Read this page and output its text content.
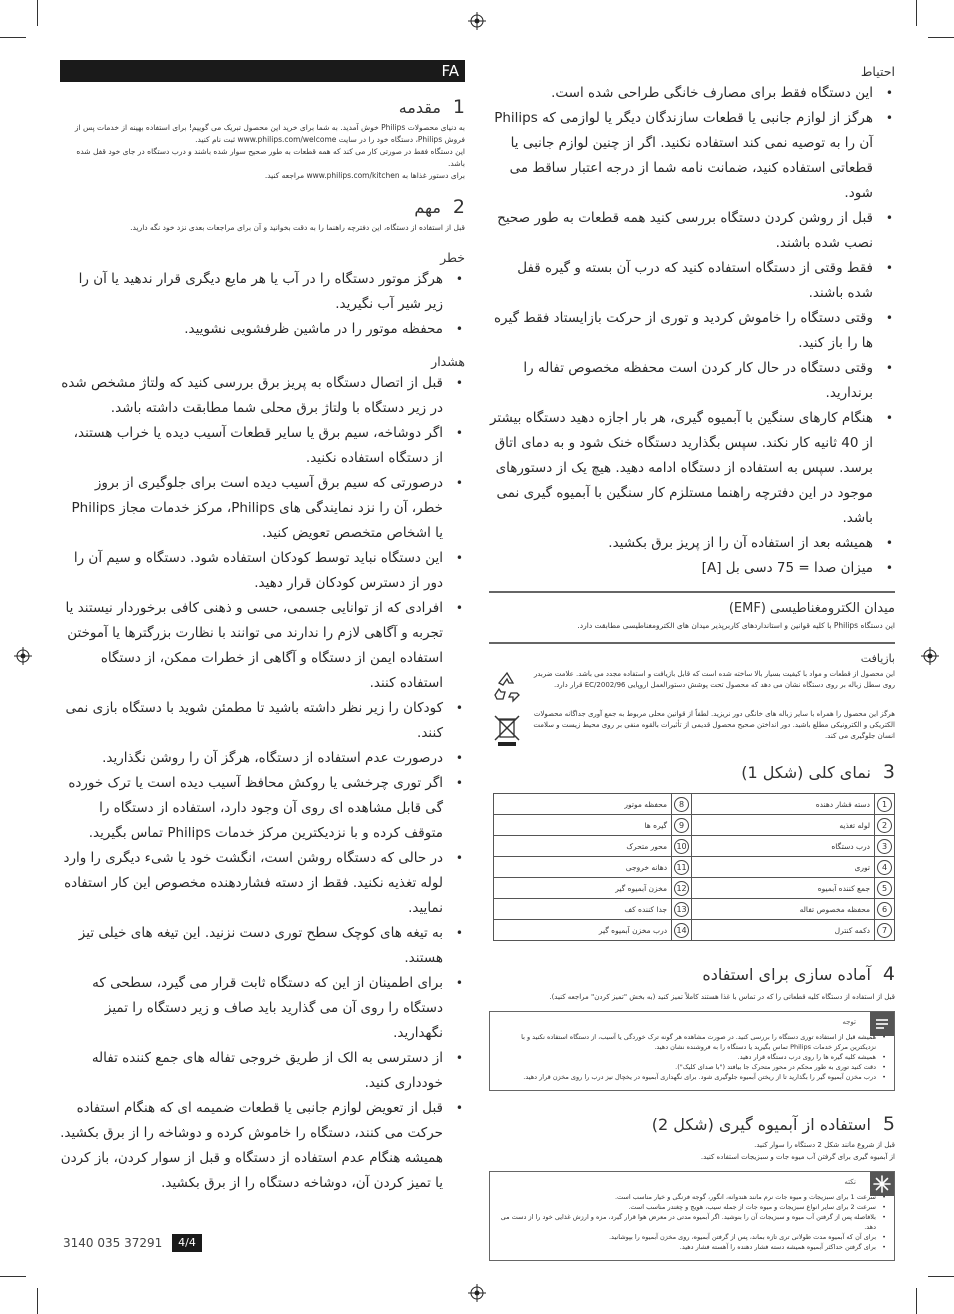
FA
1
مقدمه

به دنیای محصولات Philips خوش آمدید. به شما برای خرید این محصول تبریک می گوییم! برای استفاده بهینه از خدمات پس از فروش Philips، دستگاه خود را در سایت www.philips.com/welcome ثبت نام کنید.

این دستگاه فقط در صورتی کار می کند که همه قطعات به طور صحیح سوار شده باشند و درب دستگاه در جای خود قفل شده باشد.

برای دستور غذاها به www.philips.com/kitchen مراجعه کنید.

2
مهم

قبل از استفاده از دستگاه، این دفترچه راهنما را به دقت بخوانید و آن برای مراجعات بعدی نزد خود نگه دارید.

خطر
• هرگز موتور دستگاه را در آب یا هر مایع دیگری قرار ندهید یا آن را زیر شیر آب نگیرید.
• محفظه موتور را در ماشین ظرفشویی نشویید.
هشدار
• قبل از اتصال دستگاه به پریز برق بررسی کنید که ولتاژ مشخص شده در زیر دستگاه با ولتاژ برق محلی شما مطابقت داشته باشد.
• اگر دوشاخه، سیم برق یا سایر قطعات آسیب دیده یا خراب هستند، از دستگاه استفاده نکنید.
• درصورتی که سیم برق آسیب دیده است برای جلوگیری از بروز خطر، آن را نزد نمایندگی های Philips، مرکز خدمات مجاز Philips یا اشخاص متخصص تعویض کنید.
• این دستگاه نباید توسط کودکان استفاده شود. دستگاه و سیم آن را دور از دسترس کودکان قرار دهید.
• افرادی که از توانایی جسمی، حسی و ذهنی کافی برخوردار نیستند یا تجربه و آگاهی لازم را ندارند می توانند با نظارت بزرگترها یا آموختن استفاده ایمن از دستگاه و آگاهی از خطرات ممکن، از دستگاه استفاده کنند.
• کودکان را زیر نظر داشته باشید تا مطمئن شوید با دستگاه بازی نمی کنند.
• درصورت عدم استفاده از دستگاه، هرگز آن را روشن نگذارید.
• اگر توری چرخشی یا روکش محافظ آسیب دیده است یا ترک خورده گی قابل مشاهده ای روی آن وجود دارد، استفاده از دستگاه را متوقف کرده و با نزدیکترین مرکز خدمات Philips تماس بگیرید.
• در حالی که دستگاه روشن است، انگشت خود یا شیء دیگری را وارد لوله تغذیه نکنید. فقط از دسته فشاردهنده مخصوص این کار استفاده نمایید.
• به تیغه های کوچک سطح توری دست نزنید. این تیغه های خیلی تیز هستند.
• برای اطمینان از این که دستگاه ثابت قرار می گیرد، سطحی که دستگاه را روی آن می گذارید باید صاف و زیر دستگاه را تمیز نگهدارید.
• از دسترسی به الک از طریق خروجی تفاله های جمع کننده تفاله خودداری کنید.
• قبل از تعویض لوازم جانبی یا قطعات ضمیمه ای که هنگام استفاده حرکت می کنند، دستگاه را خاموش کرده و دوشاخه را از برق بکشید. همیشه هنگام عدم استفاده از دستگاه و قبل از سوار کردن، باز کردن یا تمیز کردن آن، دوشاخه دستگاه را از برق بکشید.
احتیاط
• این دستگاه فقط برای مصارف خانگی طراحی شده است.
• هرگز از لوازم جانبی یا قطعات سازندگان دیگر یا لوازمی که Philips آن را به توصیه نمی کند استفاده نکنید. اگر از چنین لوازم جانبی یا قطعاتی استفاده کنید، ضمانت نامه شما از درجه اعتبار ساقط می شود.
• قبل از روشن کردن دستگاه بررسی کنید همه قطعات به طور صحیح نصب شده باشند.
• فقط وقتی از دستگاه استفاده کنید که درب آن بسته و گیره قفل شده باشند.
• وقتی دستگاه را خاموش کردید و توری از حرکت بازایستاد فقط گیره ها را باز کنید.
• وقتی دستگاه در حال کار کردن است محفظه مخصوص تفاله را برندارید.
• هنگام کارهای سنگین با آبمیوه گیری، هر بار اجازه دهید دستگاه بیشتر از 40 ثانیه کار نکند. سپس بگذارید دستگاه خنک شود و به دمای اتاق برسد. سپس به استفاده از دستگاه ادامه دهید. هیچ یک از دستورهای موجود در این دفترچه راهنما مستلزم کار سنگین با آبمیوه گیری نمی باشد.
• همیشه بعد از استفاده آن را از پریز برق بکشید.
• میزان صدا = 75 دسی بل [A]
میدان الکترومغناطیسی (EMF)

این دستگاه Philips با کلیه قوانین و استانداردهای کاربرپذیر میدان های الکترومغناطیسی مطابقت دارد.

بازیافت

این محصول از قطعات و مواد با کیفیت بسیار بالا ساخته شده است که قابل بازیافت و استفاده مجدد می باشد. علامت ضربدر روی سطل زباله بر روی دستگاه نشان می دهد که محصول تحت پوشش دستورالعمل اروپایی EC/2002/96 قرار دارد.

هرگز این محصول را همراه با سایر زباله های خانگی دور نریزید. لطفاً از قوانین محلی مربوط به جمع آوری جداگانه محصولات الکتریکی و الکترونیکی مطلع باشید. دور انداختن صحیح محصول قدیمی از تأثیرات بالقوه منفی بر روی محیط زیست و سلامت انسان جلوگیری می کند.

3
نمای کلی (شکل 1)
1	دسته فشار دهنده	8	محفظه موتور
2	لوله تغذیه	9	گیره ها
3	درب دستگاه	10	محور متحرک
4	توری	11	دهانه خروجی
5	جمع کننده آبمیوه	12	مخزن آبمیوه گیر
6	محفظه مخصوص تفاله	13	جدا کننده کف
7	دکمه کنترل	14	درب مخزن آبمیوه گیر
4
آماده سازی برای استفاده

قبل از استفاده از دستگاه کلیه قطعاتی را که در تماس با غذا هستند کاملاً تمیز کنید (به بخش "تمیز کردن" مراجعه کنید).

توجه
• همیشه قبل از استفاده توری دستگاه را بررسی کنید. در صورت مشاهده هر گونه ترک خوردگی یا آسیب، از دستگاه استفاده نکنید و با نزدیکترین مرکز خدمات Philips تماس بگیرید یا دستگاه را به فروشنده نشان دهید.
• همیشه کلیه گیره ها را روی درب دستگاه قرار دهید.
• دقت کنید توری به طور محکم در محور متحرک جا بیافتد ("با صدای کلیک").
• درب مخزن آبمیوه گیر را بگذارید تا از ریختن آبمیوه جلوگیری شود. برای نگهداری آبمیوه در یخچال نیز درب را روی مخزن قرار دهید.
5
استفاده از آبمیوه گیری (شکل 2)

قبل از شروع مانند شکل 2 دستگاه را سوار کنید.

از آبمیوه گیری برای گرفتن آب میوه جات و سبزیجات استفاده کنید.

نکته
• سرعت 1 برای سبزیجات و میوه جات نرم مانند هندوانه، انگور، گوجه فرنگی و خیار مناسب است.
• سرعت 2 برای سایر انواع سبزیجات و میوه جات از جمله سیب، هویج و چغندر مناسب است.
• بلافاصله پس از گرفتن آب میوه و سبزیجات آن را بنوشید. اگر آبمیوه مدتی در معرض هوا قرار گیرد، مزه و ارزش غذایی خود را از دست می دهد.
• برای آن که آبمیوه مدت طولانی تری تازه بماند، پس از گرفتن آبمیوه، روی مخزن آبمیوه را بپوشانید.
• برای گرفتن حداکثر آبمیوه همیشه دسته فشار دهنده را آهسته فشار دهید.
3140 035 37291	4/4
